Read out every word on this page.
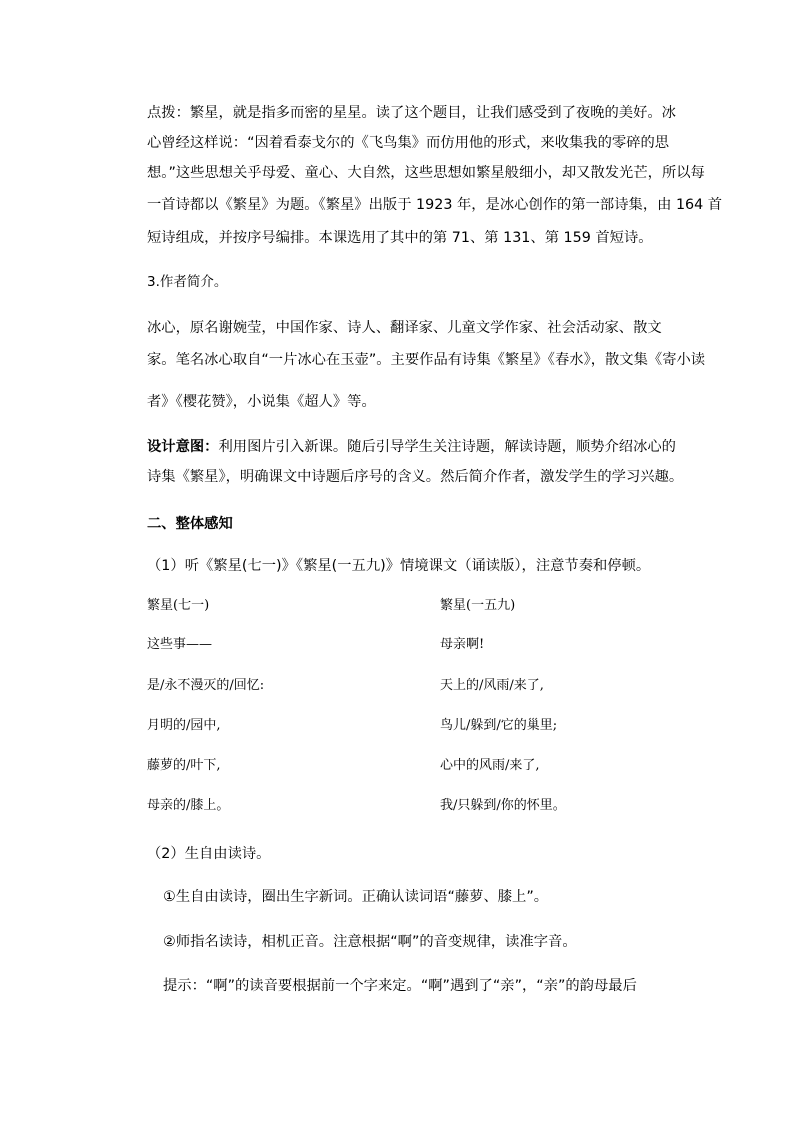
点拨：繁星，就是指多而密的星星。读了这个题目，让我们感受到了夜晚的美好。冰
心曾经这样说：“因着看泰戈尔的《飞鸟集》而仿用他的形式，来收集我的零碎的思
想。”这些思想关乎母爱、童心、大自然，这些思想如繁星般细小，却又散发光芒，所以每
一首诗都以《繁星》为题。《繁星》出版于 1923 年，是冰心创作的第一部诗集，由 164 首
短诗组成，并按序号编排。本课选用了其中的第 71、第 131、第 159 首短诗。
3.作者简介。
冰心，原名谢婉莹，中国作家、诗人、翻译家、儿童文学作家、社会活动家、散文
家。笔名冰心取自“一片冰心在玉壶”。主要作品有诗集《繁星》《春水》，散文集《寄小读
者》《樱花赞》，小说集《超人》等。
设计意图：利用图片引入新课。随后引导学生关注诗题，解读诗题，顺势介绍冰心的
诗集《繁星》，明确课文中诗题后序号的含义。然后简介作者，激发学生的学习兴趣。
二、整体感知
（1）听《繁星(七一)》《繁星(一五九)》情境课文（诵读版），注意节奏和停顿。
繁星(七一)	繁星(一五九)
这些事——	母亲啊!
是/永不漫灭的/回忆:	天上的/风雨/来了,
月明的/园中,	鸟儿/躲到/它的巢里;
藤萝的/叶下,	心中的风雨/来了,
母亲的/膝上。	我/只躲到/你的怀里。
（2）生自由读诗。
①生自由读诗，圈出生字新词。正确认读词语“藤萝、膝上”。
②师指名读诗，相机正音。注意根据“啊”的音变规律，读准字音。
提示：“啊”的读音要根据前一个字来定。“啊”遇到了“亲”，“亲”的韵母最后
